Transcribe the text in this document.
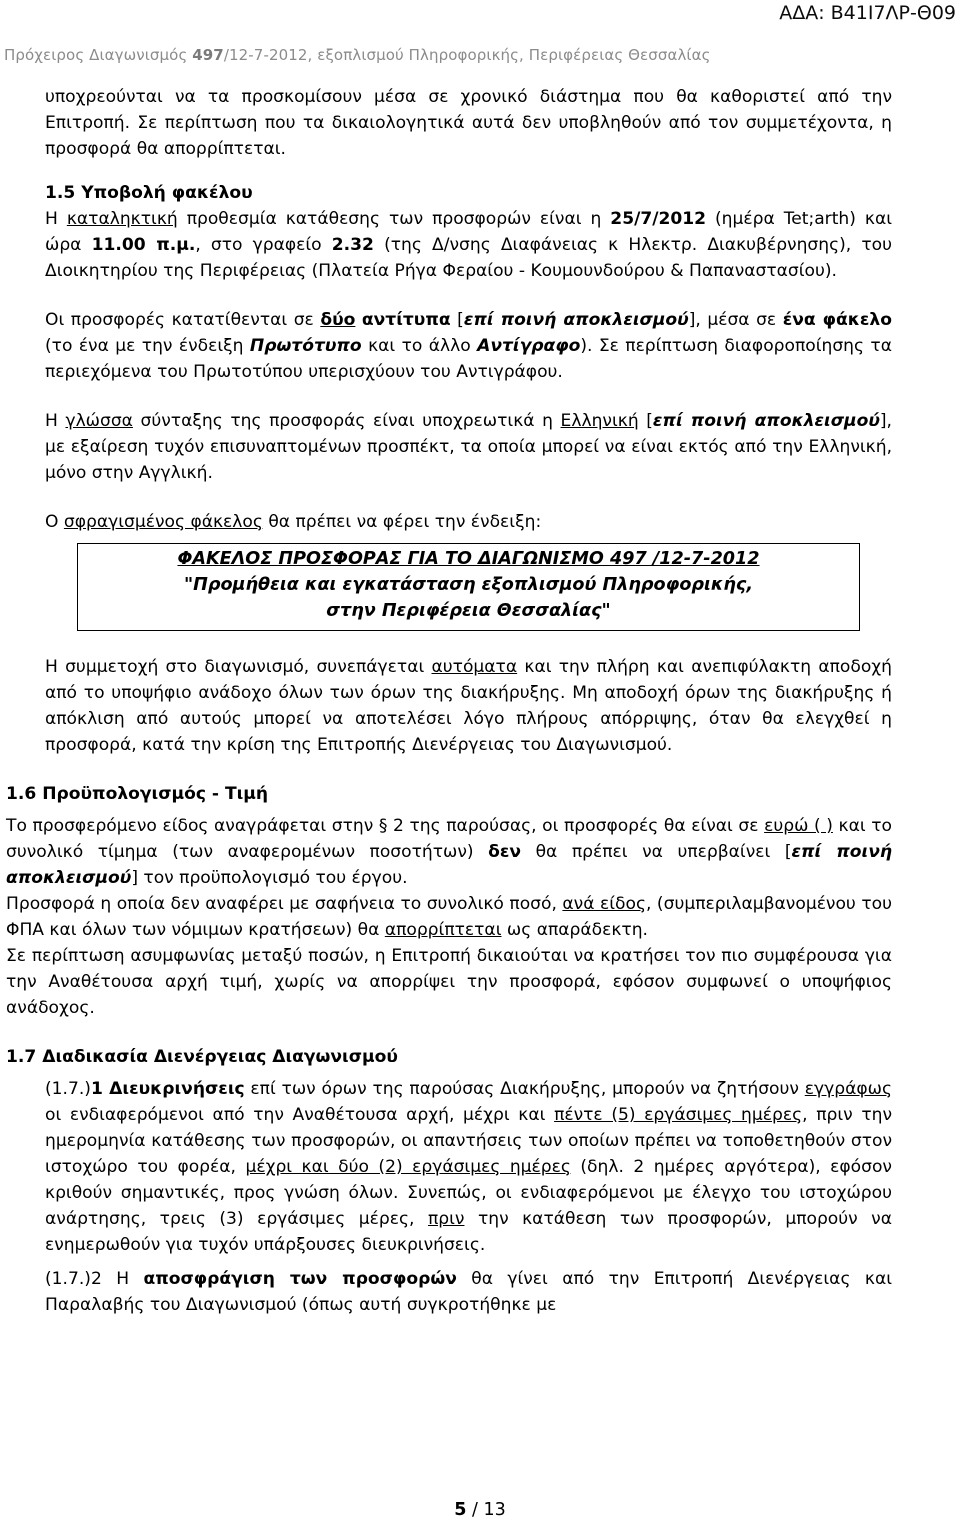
ΑΔΑ: Β41Ι7ΛΡ-Θ09
Πρόχειρος Διαγωνισμός 497/12-7-2012, εξοπλισμού Πληροφορικής, Περιφέρειας Θεσσαλίας

υποχρεούνται να τα προσκομίσουν μέσα σε χρονικό διάστημα που θα καθοριστεί από την Επιτροπή. Σε περίπτωση που τα δικαιολογητικά αυτά δεν υποβληθούν από τον συμμετέχοντα, η προσφορά θα απορρίπτεται.

1.5 Υποβολή φακέλου

Η καταληκτική προθεσμία κατάθεσης των προσφορών είναι η 25/7/2012 (ημέρα Tet;arth) και ώρα 11.00 π.μ., στο γραφείο 2.32 (της Δ/νσης Διαφάνειας κ Ηλεκτρ. Διακυβέρνησης), του Διοικητηρίου της Περιφέρειας (Πλατεία Ρήγα Φεραίου - Κουμουνδούρου & Παπαναστασίου).

Οι προσφορές κατατίθενται σε δύο αντίτυπα [επί ποινή αποκλεισμού], μέσα σε ένα φάκελο (το ένα με την ένδειξη Πρωτότυπο και το άλλο Αντίγραφο). Σε περίπτωση διαφοροποίησης τα περιεχόμενα του Πρωτοτύπου υπερισχύουν του Αντιγράφου.

Η γλώσσα σύνταξης της προσφοράς είναι υποχρεωτικά η Ελληνική [επί ποινή αποκλεισμού], με εξαίρεση τυχόν επισυναπτομένων προσπέκτ, τα οποία μπορεί να είναι εκτός από την Ελληνική, μόνο στην Αγγλική.

Ο σφραγισμένος φάκελος θα πρέπει να φέρει την ένδειξη:

ΦΑΚΕΛΟΣ ΠΡΟΣΦΟΡΑΣ ΓΙΑ ΤΟ ΔΙΑΓΩΝΙΣΜΟ 497 /12-7-2012
"Προμήθεια και εγκατάσταση εξοπλισμού Πληροφορικής,
στην Περιφέρεια Θεσσαλίας"

Η συμμετοχή στο διαγωνισμό, συνεπάγεται αυτόματα και την πλήρη και ανεπιφύλακτη αποδοχή από το υποψήφιο ανάδοχο όλων των όρων της διακήρυξης. Μη αποδοχή όρων της διακήρυξης ή απόκλιση από αυτούς μπορεί να αποτελέσει λόγο πλήρους απόρριψης, όταν θα ελεγχθεί η προσφορά, κατά την κρίση της Επιτροπής Διενέργειας του Διαγωνισμού.

1.6 Προϋπολογισμός - Τιμή

Το προσφερόμενο είδος αναγράφεται στην § 2 της παρούσας, οι προσφορές θα είναι σε ευρώ ( ) και το συνολικό τίμημα (των αναφερομένων ποσοτήτων) δεν θα πρέπει να υπερβαίνει [επί ποινή αποκλεισμού] τον προϋπολογισμό του έργου.

Προσφορά η οποία δεν αναφέρει με σαφήνεια το συνολικό ποσό, ανά είδος, (συμπεριλαμβανομένου του ΦΠΑ και όλων των νόμιμων κρατήσεων) θα απορρίπτεται ως απαράδεκτη.

Σε περίπτωση ασυμφωνίας μεταξύ ποσών, η Επιτροπή δικαιούται να κρατήσει τον πιο συμφέρουσα για την Αναθέτουσα αρχή τιμή, χωρίς να απορρίψει την προσφορά, εφόσον συμφωνεί ο υποψήφιος ανάδοχος.

1.7 Διαδικασία Διενέργειας Διαγωνισμού

(1.7.)1 Διευκρινήσεις επί των όρων της παρούσας Διακήρυξης, μπορούν να ζητήσουν εγγράφως οι ενδιαφερόμενοι από την Αναθέτουσα αρχή, μέχρι και πέντε (5) εργάσιμες ημέρες, πριν την ημερομηνία κατάθεσης των προσφορών, οι απαντήσεις των οποίων πρέπει να τοποθετηθούν στον ιστοχώρο του φορέα, μέχρι και δύο (2) εργάσιμες ημέρες (δηλ. 2 ημέρες αργότερα), εφόσον κριθούν σημαντικές, προς γνώση όλων. Συνεπώς, οι ενδιαφερόμενοι με έλεγχο του ιστοχώρου ανάρτησης, τρεις (3) εργάσιμες μέρες, πριν την κατάθεση των προσφορών, μπορούν να ενημερωθούν για τυχόν υπάρξουσες διευκρινήσεις.

(1.7.)2 Η αποσφράγιση των προσφορών θα γίνει από την Επιτροπή Διενέργειας και Παραλαβής του Διαγωνισμού (όπως αυτή συγκροτήθηκε με

5 / 13
